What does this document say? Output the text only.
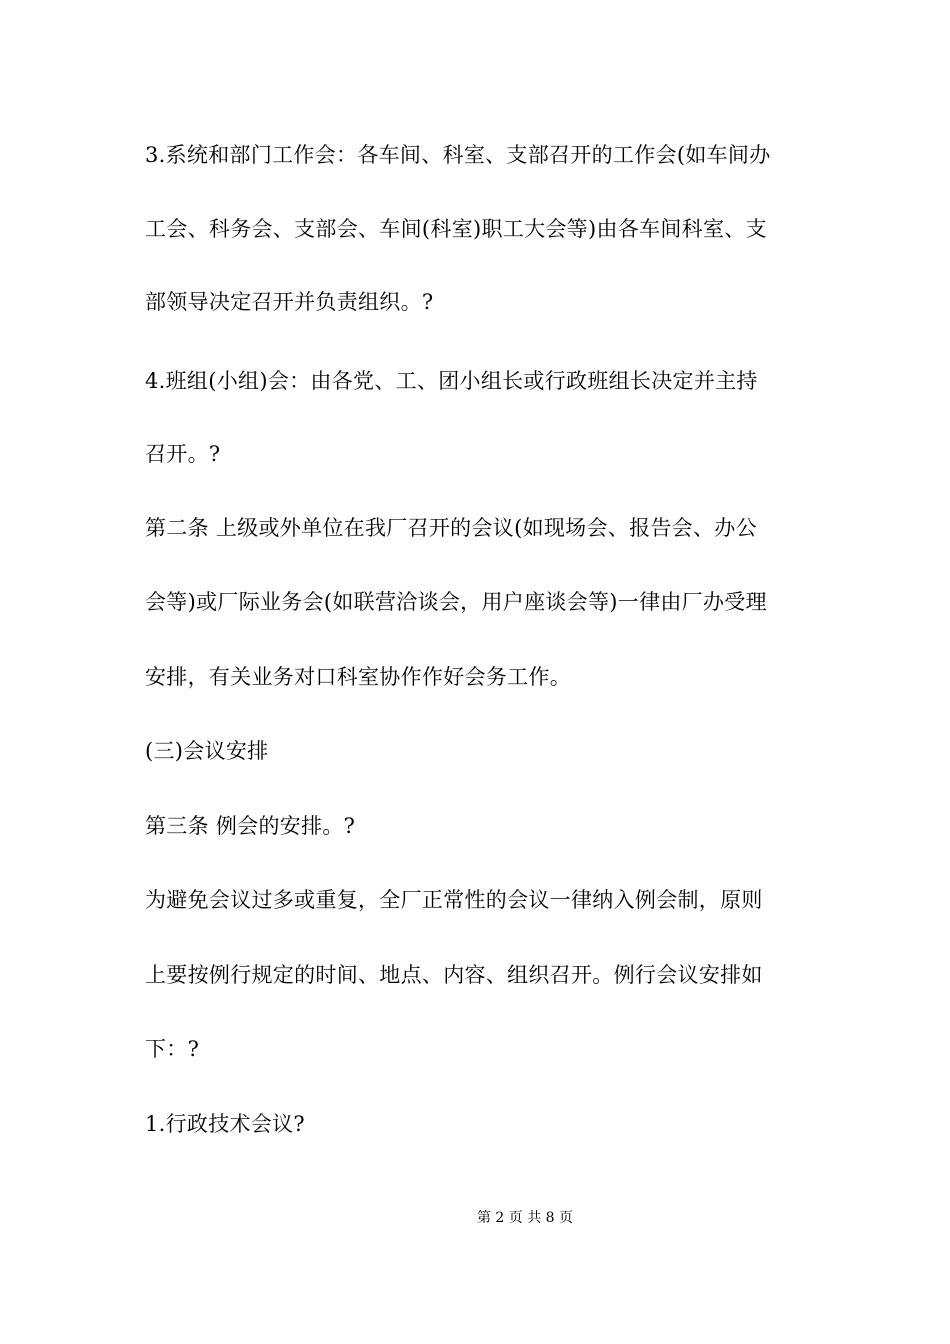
3.系统和部门工作会：各车间、科室、支部召开的工作会(如车间办
工会、科务会、支部会、车间(科室)职工大会等)由各车间科室、支
部领导决定召开并负责组织。?
4.班组(小组)会：由各党、工、团小组长或行政班组长决定并主持
召开。?
第二条 上级或外单位在我厂召开的会议(如现场会、报告会、办公
会等)或厂际业务会(如联营洽谈会，用户座谈会等)一律由厂办受理
安排，有关业务对口科室协作作好会务工作。
(三)会议安排
第三条 例会的安排。?
为避免会议过多或重复，全厂正常性的会议一律纳入例会制，原则
上要按例行规定的时间、地点、内容、组织召开。例行会议安排如
下：?
1.行政技术会议?
第 2 页 共 8 页
